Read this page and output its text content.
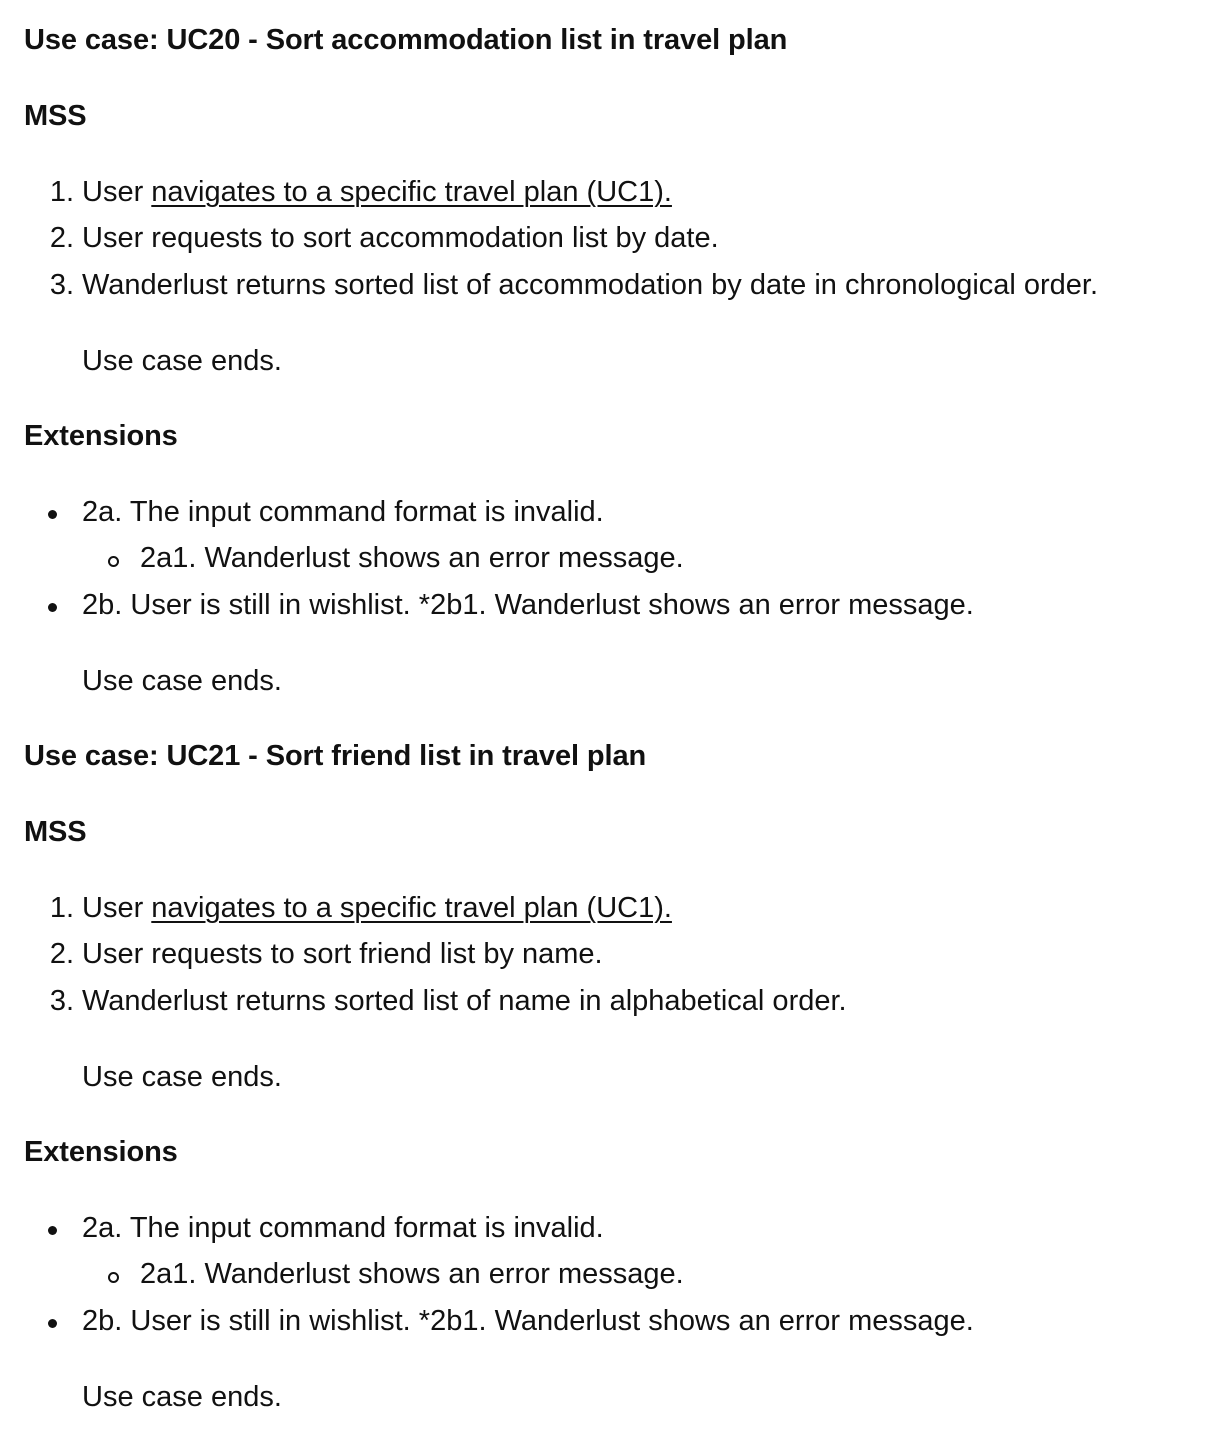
Use case: UC20 - Sort accommodation list in travel plan
MSS
1. User navigates to a specific travel plan (UC1).
2. User requests to sort accommodation list by date.
3. Wanderlust returns sorted list of accommodation by date in chronological order.
Use case ends.
Extensions
2a. The input command format is invalid.
2a1. Wanderlust shows an error message.
2b. User is still in wishlist. *2b1. Wanderlust shows an error message.
Use case ends.
Use case: UC21 - Sort friend list in travel plan
MSS
1. User navigates to a specific travel plan (UC1).
2. User requests to sort friend list by name.
3. Wanderlust returns sorted list of name in alphabetical order.
Use case ends.
Extensions
2a. The input command format is invalid.
2a1. Wanderlust shows an error message.
2b. User is still in wishlist. *2b1. Wanderlust shows an error message.
Use case ends.
